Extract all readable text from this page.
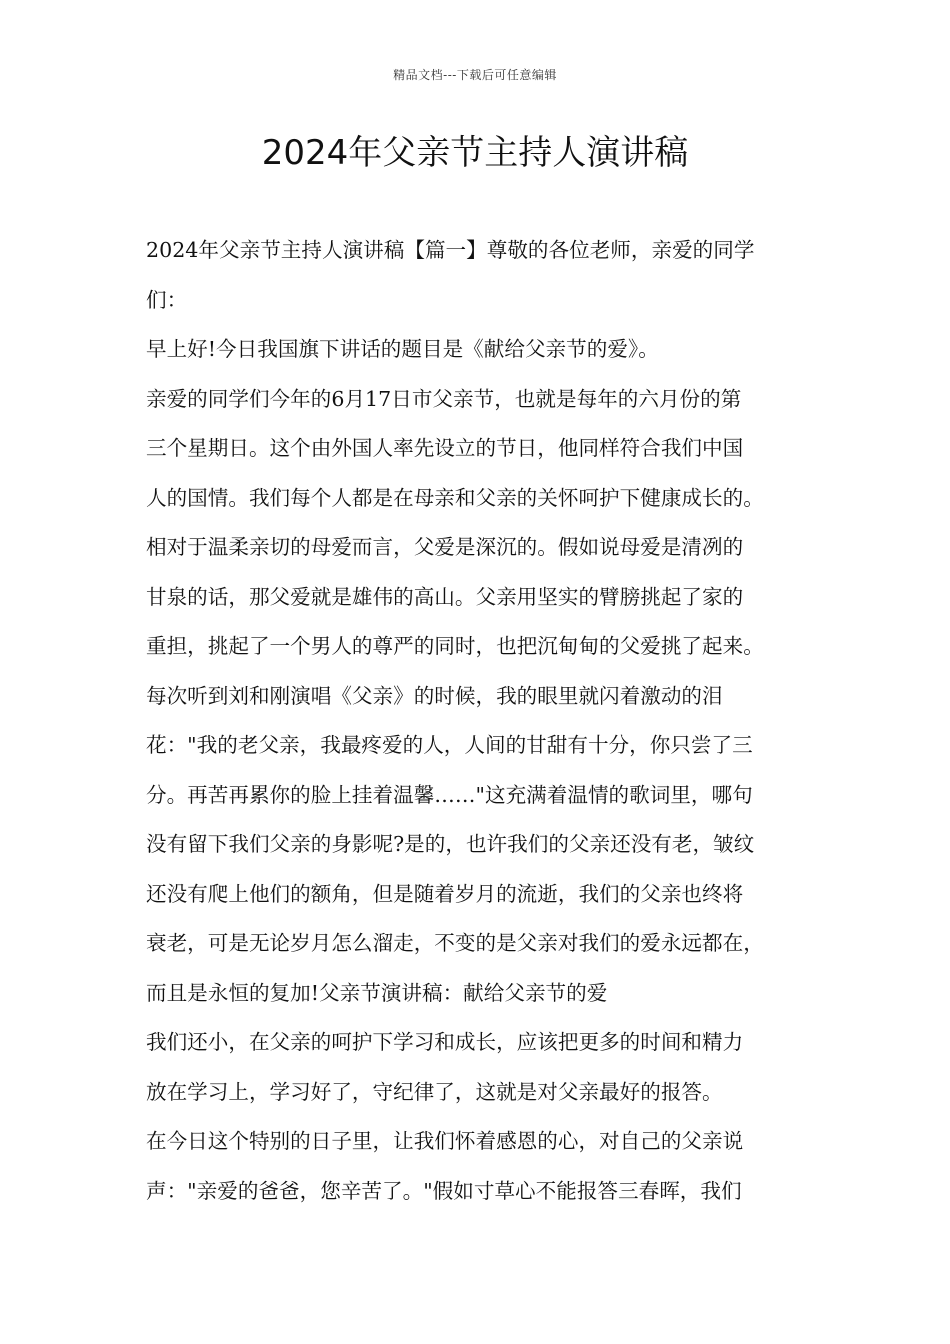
精品文档---下载后可任意编辑
2024年父亲节主持人演讲稿
2024年父亲节主持人演讲稿【篇一】尊敬的各位老师，亲爱的同学
们：
早上好!今日我国旗下讲话的题目是《献给父亲节的爱》。
亲爱的同学们今年的6月17日市父亲节，也就是每年的六月份的第
三个星期日。这个由外国人率先设立的节日，他同样符合我们中国
人的国情。我们每个人都是在母亲和父亲的关怀呵护下健康成长的。
相对于温柔亲切的母爱而言，父爱是深沉的。假如说母爱是清冽的
甘泉的话，那父爱就是雄伟的高山。父亲用坚实的臂膀挑起了家的
重担，挑起了一个男人的尊严的同时，也把沉甸甸的父爱挑了起来。
每次听到刘和刚演唱《父亲》的时候，我的眼里就闪着激动的泪
花："我的老父亲，我最疼爱的人，人间的甘甜有十分，你只尝了三
分。再苦再累你的脸上挂着温馨……"这充满着温情的歌词里，哪句
没有留下我们父亲的身影呢?是的，也许我们的父亲还没有老，皱纹
还没有爬上他们的额角，但是随着岁月的流逝，我们的父亲也终将
衰老，可是无论岁月怎么溜走，不变的是父亲对我们的爱永远都在，
而且是永恒的复加!父亲节演讲稿：献给父亲节的爱
我们还小，在父亲的呵护下学习和成长，应该把更多的时间和精力
放在学习上，学习好了，守纪律了，这就是对父亲最好的报答。
在今日这个特别的日子里，让我们怀着感恩的心，对自己的父亲说
声："亲爱的爸爸，您辛苦了。"假如寸草心不能报答三春晖，我们
